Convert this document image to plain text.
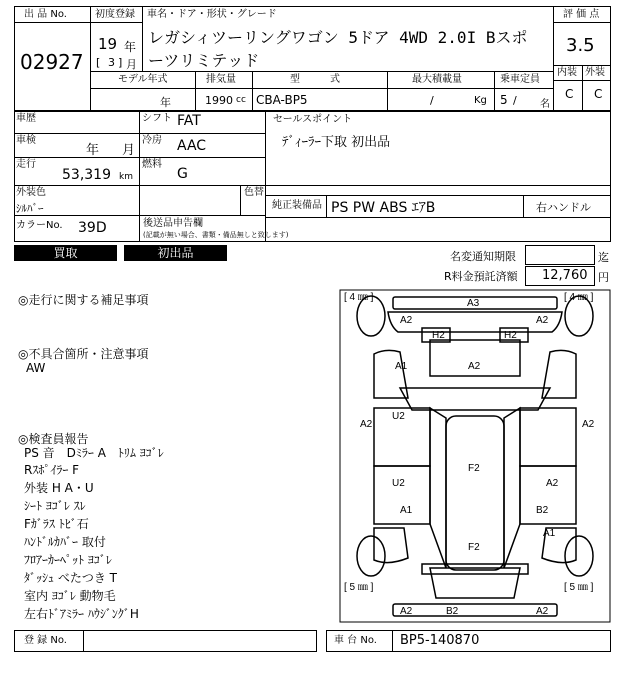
出 品 No.
02927
初度登録
19 年
[ 3 ] 月
車名・ドア・形状・グレード
レガシィツーリングワゴン 5ドア 4WD 2.0I Bスポ
ーツリミテッド
評 価 点
3.5
内装 外装
C C
モデル年式
年
排気量
1990 cc
型　　　式
CBA-BP5
最大積載量
/	Kg
乗車定員
5 / 名
車歴
車検
年 月
走行
53,319 km
シフト FAT
冷房 AAC
燃料
G
セールスポイント
ﾃﾞｨｰﾗｰ下取 初出品
外装色
ｼﾙﾊﾞｰ
色替
カラーNo. 39D	後送品申告欄
(記載が無い場合、書類・備品無しと致します)
純正装備品 PS PW ABS ｴｱB	右ハンドル
買取	初出品	名変通知期限	迄
R料金預託済額 12,760 円
◎走行に関する補足事項
◎不具合箇所・注意事項
AW
◎検査員報告
PS 音　Dﾐﾗｰ A　ﾄﾘﾑ ﾖｺﾞﾚ
Rｽﾎﾟｲﾗｰ F
外装 H A・U
ｼｰﾄ ﾖｺﾞﾚ ｽﾚ
Fｶﾞﾗｽ ﾄﾋﾞ石
ﾊﾝﾄﾞﾙｶﾊﾞｰ 取付
ﾌﾛｱｰｶｰﾍﾟｯﾄ ﾖｺﾞﾚ
ﾀﾞｯｼｭ べたつき T
室内 ﾖｺﾞﾚ 動物毛
左右ﾄﾞｱﾐﾗｰ ﾊｳｼﾞﾝｸﾞH
[ 4 ㎜ ]	[ 4 ㎜ ]
[ 5 ㎜ ]	[ 5 ㎜ ]
A3
A2	A2
H2	H2
A1	A2
A2
U2
A2
F2
U2	A2
A1	B2
A1
F2
A2	B2	A2
登 録 No.	車 台 No. BP5-140870
